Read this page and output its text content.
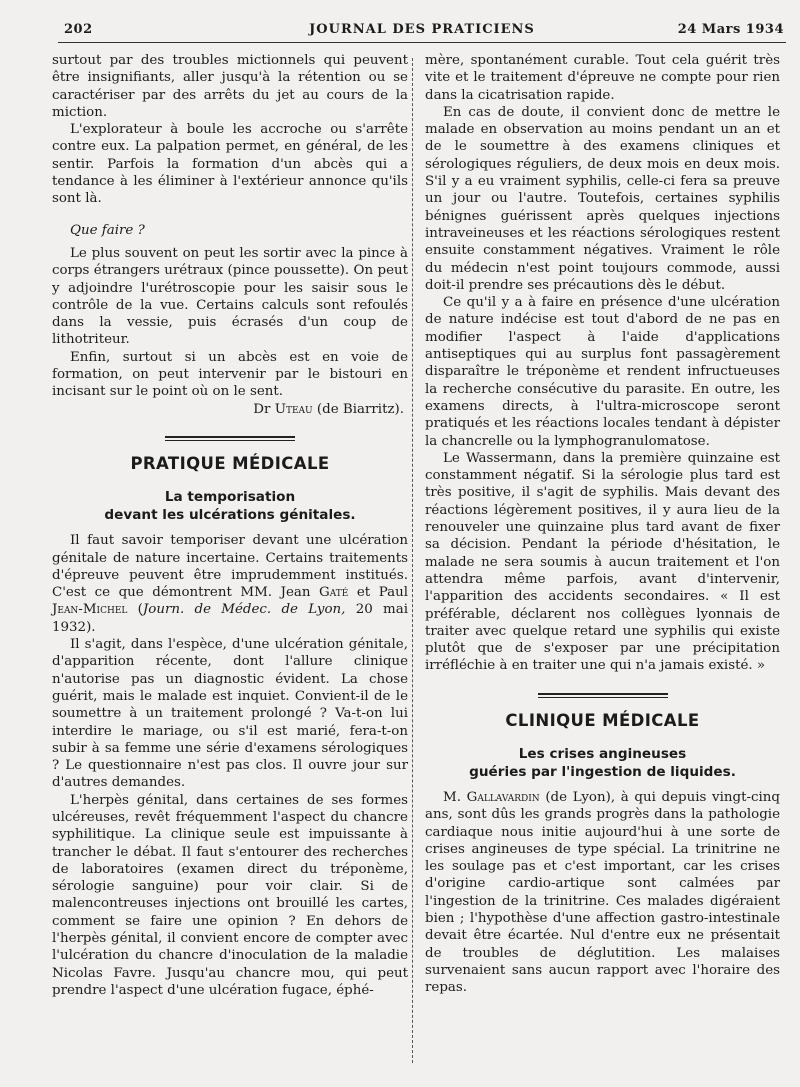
202	JOURNAL DES PRATICIENS	24 Mars 1934

surtout par des troubles mictionnels qui peuvent être insignifiants, aller jusqu'à la rétention ou se caractériser par des arrêts du jet au cours de la miction.

L'explorateur à boule les accroche ou s'arrête contre eux. La palpation permet, en général, de les sentir. Parfois la formation d'un abcès qui a tendance à les éliminer à l'extérieur annonce qu'ils sont là.

Que faire ?

Le plus souvent on peut les sortir avec la pince à corps étrangers urétraux (pince poussette). On peut y adjoindre l'urétroscopie pour les saisir sous le contrôle de la vue. Certains calculs sont refoulés dans la vessie, puis écrasés d'un coup de lithotriteur.

Enfin, surtout si un abcès est en voie de formation, on peut intervenir par le bistouri en incisant sur le point où on le sent.

Dr Uteau (de Biarritz).
PRATIQUE MÉDICALE
La temporisation
devant les ulcérations génitales.

Il faut savoir temporiser devant une ulcération génitale de nature incertaine. Certains traitements d'épreuve peuvent être imprudemment institués. C'est ce que démontrent MM. Jean Gaté et Paul Jean-Michel (Journ. de Médec. de Lyon, 20 mai 1932).

Il s'agit, dans l'espèce, d'une ulcération génitale, d'apparition récente, dont l'allure clinique n'autorise pas un diagnostic évident. La chose guérit, mais le malade est inquiet. Convient-il de le soumettre à un traitement prolongé ? Va-t-on lui interdire le mariage, ou s'il est marié, fera-t-on subir à sa femme une série d'examens sérologiques ? Le questionnaire n'est pas clos. Il ouvre jour sur d'autres demandes.

L'herpès génital, dans certaines de ses formes ulcéreuses, revêt fréquemment l'aspect du chancre syphilitique. La clinique seule est impuissante à trancher le débat. Il faut s'entourer des recherches de laboratoires (examen direct du tréponème, sérologie sanguine) pour voir clair. Si de malencontreuses injections ont brouillé les cartes, comment se faire une opinion ? En dehors de l'herpès génital, il convient encore de compter avec l'ulcération du chancre d'inoculation de la maladie Nicolas Favre. Jusqu'au chancre mou, qui peut prendre l'aspect d'une ulcération fugace, éphé-

mère, spontanément curable. Tout cela guérit très vite et le traitement d'épreuve ne compte pour rien dans la cicatrisation rapide.

En cas de doute, il convient donc de mettre le malade en observation au moins pendant un an et de le soumettre à des examens cliniques et sérologiques réguliers, de deux mois en deux mois. S'il y a eu vraiment syphilis, celle-ci fera sa preuve un jour ou l'autre. Toutefois, certaines syphilis bénignes guérissent après quelques injections intraveineuses et les réactions sérologiques restent ensuite constamment négatives. Vraiment le rôle du médecin n'est point toujours commode, aussi doit-il prendre ses précautions dès le début.

Ce qu'il y a à faire en présence d'une ulcération de nature indécise est tout d'abord de ne pas en modifier l'aspect à l'aide d'applications antiseptiques qui au surplus font passagèrement disparaître le tréponème et rendent infructueuses la recherche consécutive du parasite. En outre, les examens directs, à l'ultra-microscope seront pratiqués et les réactions locales tendant à dépister la chancrelle ou la lymphogranulomatose.

Le Wassermann, dans la première quinzaine est constamment négatif. Si la sérologie plus tard est très positive, il s'agit de syphilis. Mais devant des réactions légèrement positives, il y aura lieu de la renouveler une quinzaine plus tard avant de fixer sa décision. Pendant la période d'hésitation, le malade ne sera soumis à aucun traitement et l'on attendra même parfois, avant d'intervenir, l'apparition des accidents secondaires. « Il est préférable, déclarent nos collègues lyonnais de traiter avec quelque retard une syphilis qui existe plutôt que de s'exposer par une précipitation irréfléchie à en traiter une qui n'a jamais existé. »

CLINIQUE MÉDICALE
Les crises angineuses
guéries par l'ingestion de liquides.

M. Gallavardin (de Lyon), à qui depuis vingt-cinq ans, sont dûs les grands progrès dans la pathologie cardiaque nous initie aujourd'hui à une sorte de crises angineuses de type spécial. La trinitrine ne les soulage pas et c'est important, car les crises d'origine cardio-artique sont calmées par l'ingestion de la trinitrine. Ces malades digéraient bien ; l'hypothèse d'une affection gastro-intestinale devait être écartée. Nul d'entre eux ne présentait de troubles de déglutition. Les malaises survenaient sans aucun rapport avec l'horaire des repas.
